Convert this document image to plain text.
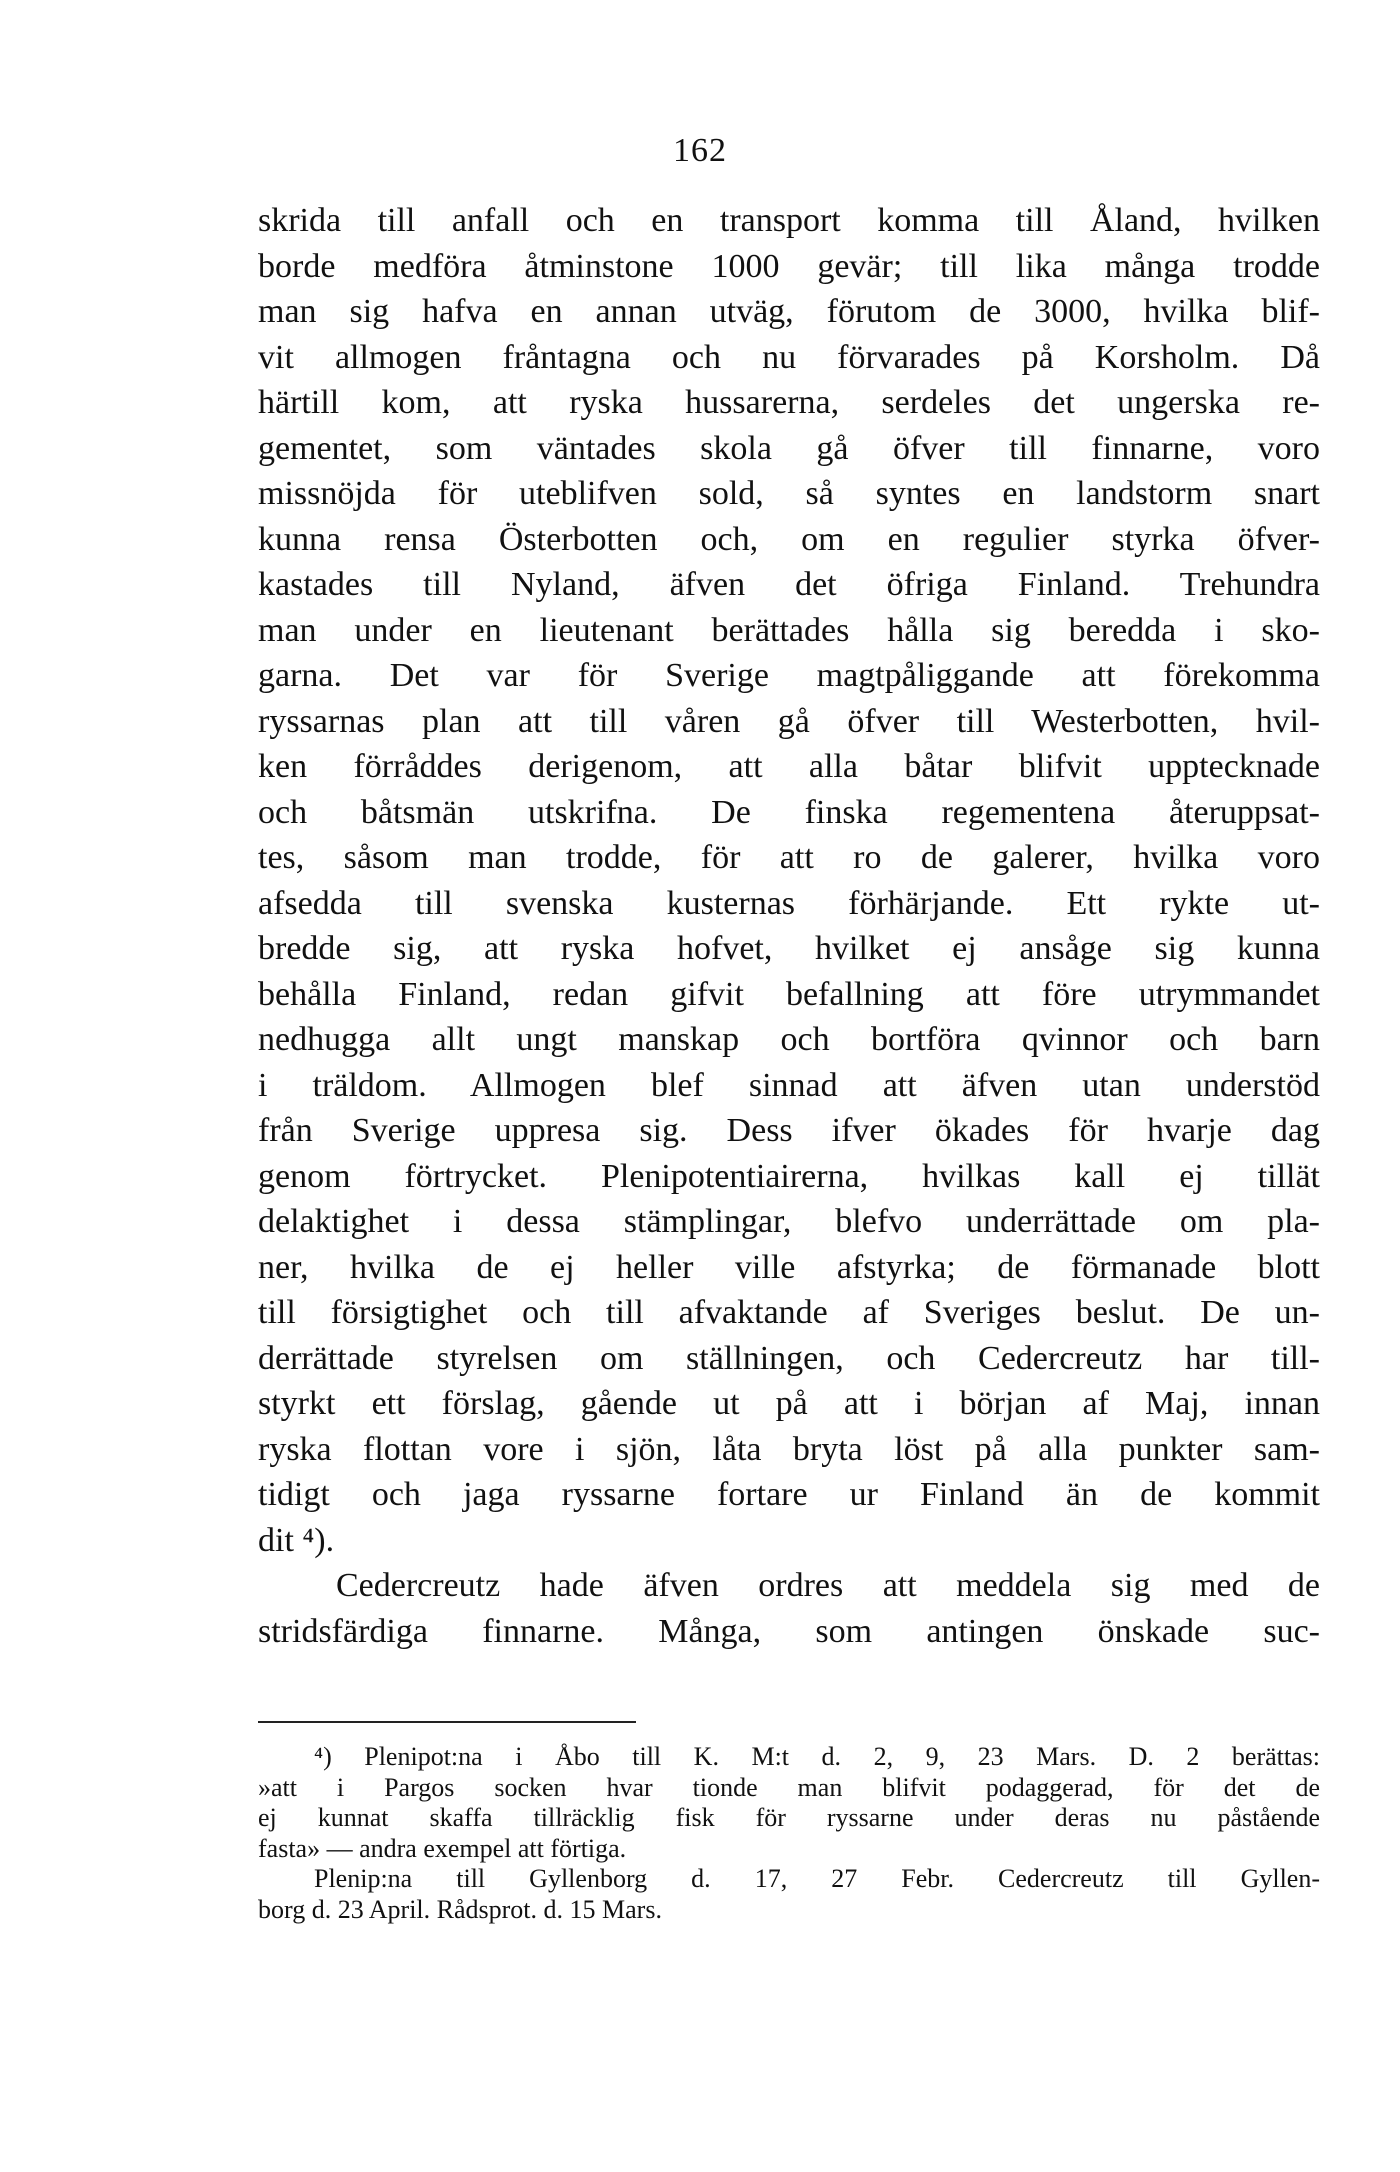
162
skrida till anfall och en transport komma till Åland, hvilken
borde medföra åtminstone 1000 gevär; till lika många trodde
man sig hafva en annan utväg, förutom de 3000, hvilka blif-
vit allmogen fråntagna och nu förvarades på Korsholm. Då
härtill kom, att ryska hussarerna, serdeles det ungerska re-
gementet, som väntades skola gå öfver till finnarne, voro
missnöjda för uteblifven sold, så syntes en landstorm snart
kunna rensa Österbotten och, om en regulier styrka öfver-
kastades till Nyland, äfven det öfriga Finland. Trehundra
man under en lieutenant berättades hålla sig beredda i sko-
garna. Det var för Sverige magtpåliggande att förekomma
ryssarnas plan att till våren gå öfver till Westerbotten, hvil-
ken förråddes derigenom, att alla båtar blifvit upptecknade
och båtsmän utskrifna. De finska regementena återuppsat-
tes, såsom man trodde, för att ro de galerer, hvilka voro
afsedda till svenska kusternas förhärjande. Ett rykte ut-
bredde sig, att ryska hofvet, hvilket ej ansåge sig kunna
behålla Finland, redan gifvit befallning att före utrymmandet
nedhugga allt ungt manskap och bortföra qvinnor och barn
i träldom. Allmogen blef sinnad att äfven utan understöd
från Sverige uppresa sig. Dess ifver ökades för hvarje dag
genom förtrycket. Plenipotentiairerna, hvilkas kall ej tillät
delaktighet i dessa stämplingar, blefvo underrättade om pla-
ner, hvilka de ej heller ville afstyrka; de förmanade blott
till försigtighet och till afvaktande af Sveriges beslut. De un-
derrättade styrelsen om ställningen, och Cedercreutz har till-
styrkt ett förslag, gående ut på att i början af Maj, innan
ryska flottan vore i sjön, låta bryta löst på alla punkter sam-
tidigt och jaga ryssarne fortare ur Finland än de kommit
dit ⁴).
Cedercreutz hade äfven ordres att meddela sig med de
stridsfärdiga finnarne. Många, som antingen önskade suc-
⁴) Plenipot:na i Åbo till K. M:t d. 2, 9, 23 Mars. D. 2 berättas:
»att i Pargos socken hvar tionde man blifvit podaggerad, för det de
ej kunnat skaffa tillräcklig fisk för ryssarne under deras nu påstående
fasta» — andra exempel att förtiga.
Plenip:na till Gyllenborg d. 17, 27 Febr. Cedercreutz till Gyllen-
borg d. 23 April. Rådsprot. d. 15 Mars.
